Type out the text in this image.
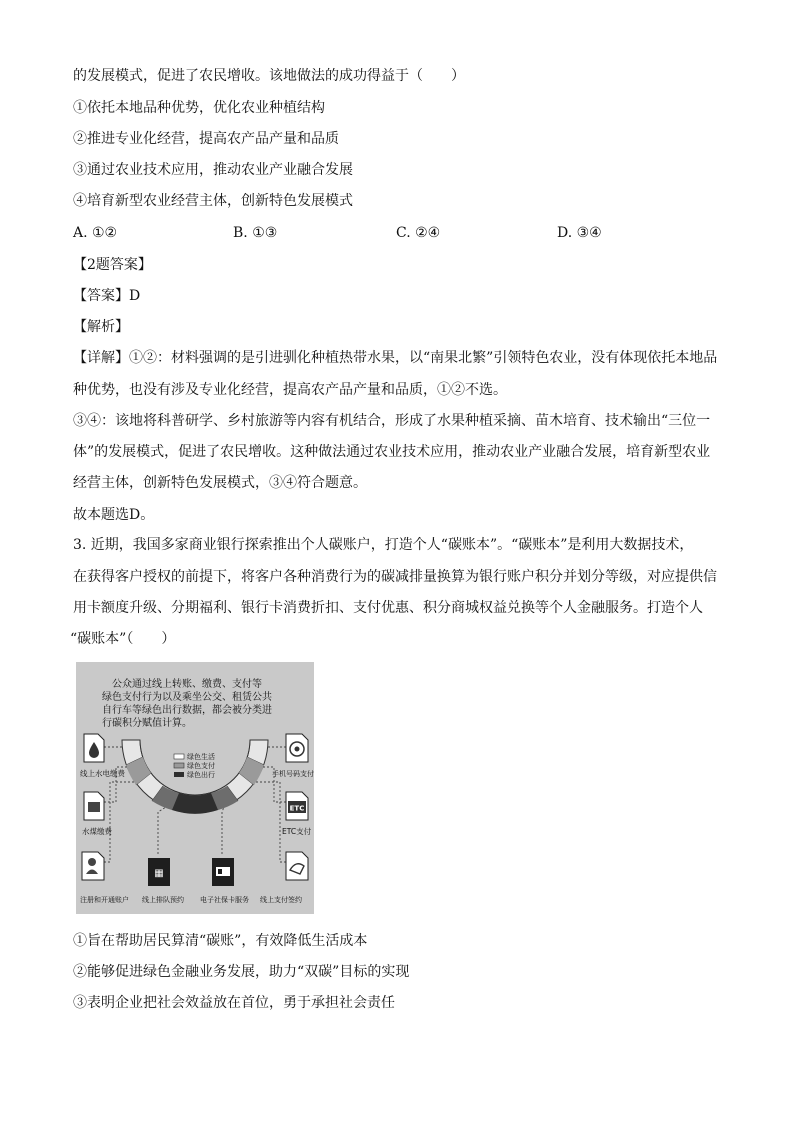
的发展模式，促进了农民增收。该地做法的成功得益于（　　）
①依托本地品种优势，优化农业种植结构
②推进专业化经营，提高农产品产量和品质
③通过农业技术应用，推动农业产业融合发展
④培育新型农业经营主体，创新特色发展模式
A. ①②	B. ①③	C. ②④	D. ③④
【2题答案】
【答案】D
【解析】
【详解】①②：材料强调的是引进驯化种植热带水果，以“南果北繁”引领特色农业，没有体现依托本地品
种优势，也没有涉及专业化经营，提高农产品产量和品质，①②不选。
③④：该地将科普研学、乡村旅游等内容有机结合，形成了水果种植采摘、苗木培育、技术输出“三位一
体”的发展模式，促进了农民增收。这种做法通过农业技术应用，推动农业产业融合发展，培育新型农业
经营主体，创新特色发展模式，③④符合题意。
故本题选D。
3. 近期，我国多家商业银行探索推出个人碳账户，打造个人“碳账本”。“碳账本”是利用大数据技术，
在获得客户授权的前提下，将客户各种消费行为的碳减排量换算为银行账户积分并划分等级，对应提供信
用卡额度升级、分期福利、银行卡消费折扣、支付优惠、积分商城权益兑换等个人金融服务。打造个人
“碳账本”（　　）
公众通过线上转账、缴费、支付等
绿色支付行为以及乘坐公交、租赁公共
自行车等绿色出行数据，都会被分类进
行碳积分赋值计算。
绿色生活
绿色支付
绿色出行
线上水电缴费
水煤缴费
注册和开通账户
▦
线上排队预约 电子社保卡服务
手机号码支付
ETC
ETC支付
线上支付签约
①旨在帮助居民算清“碳账”，有效降低生活成本
②能够促进绿色金融业务发展，助力“双碳”目标的实现
③表明企业把社会效益放在首位，勇于承担社会责任
